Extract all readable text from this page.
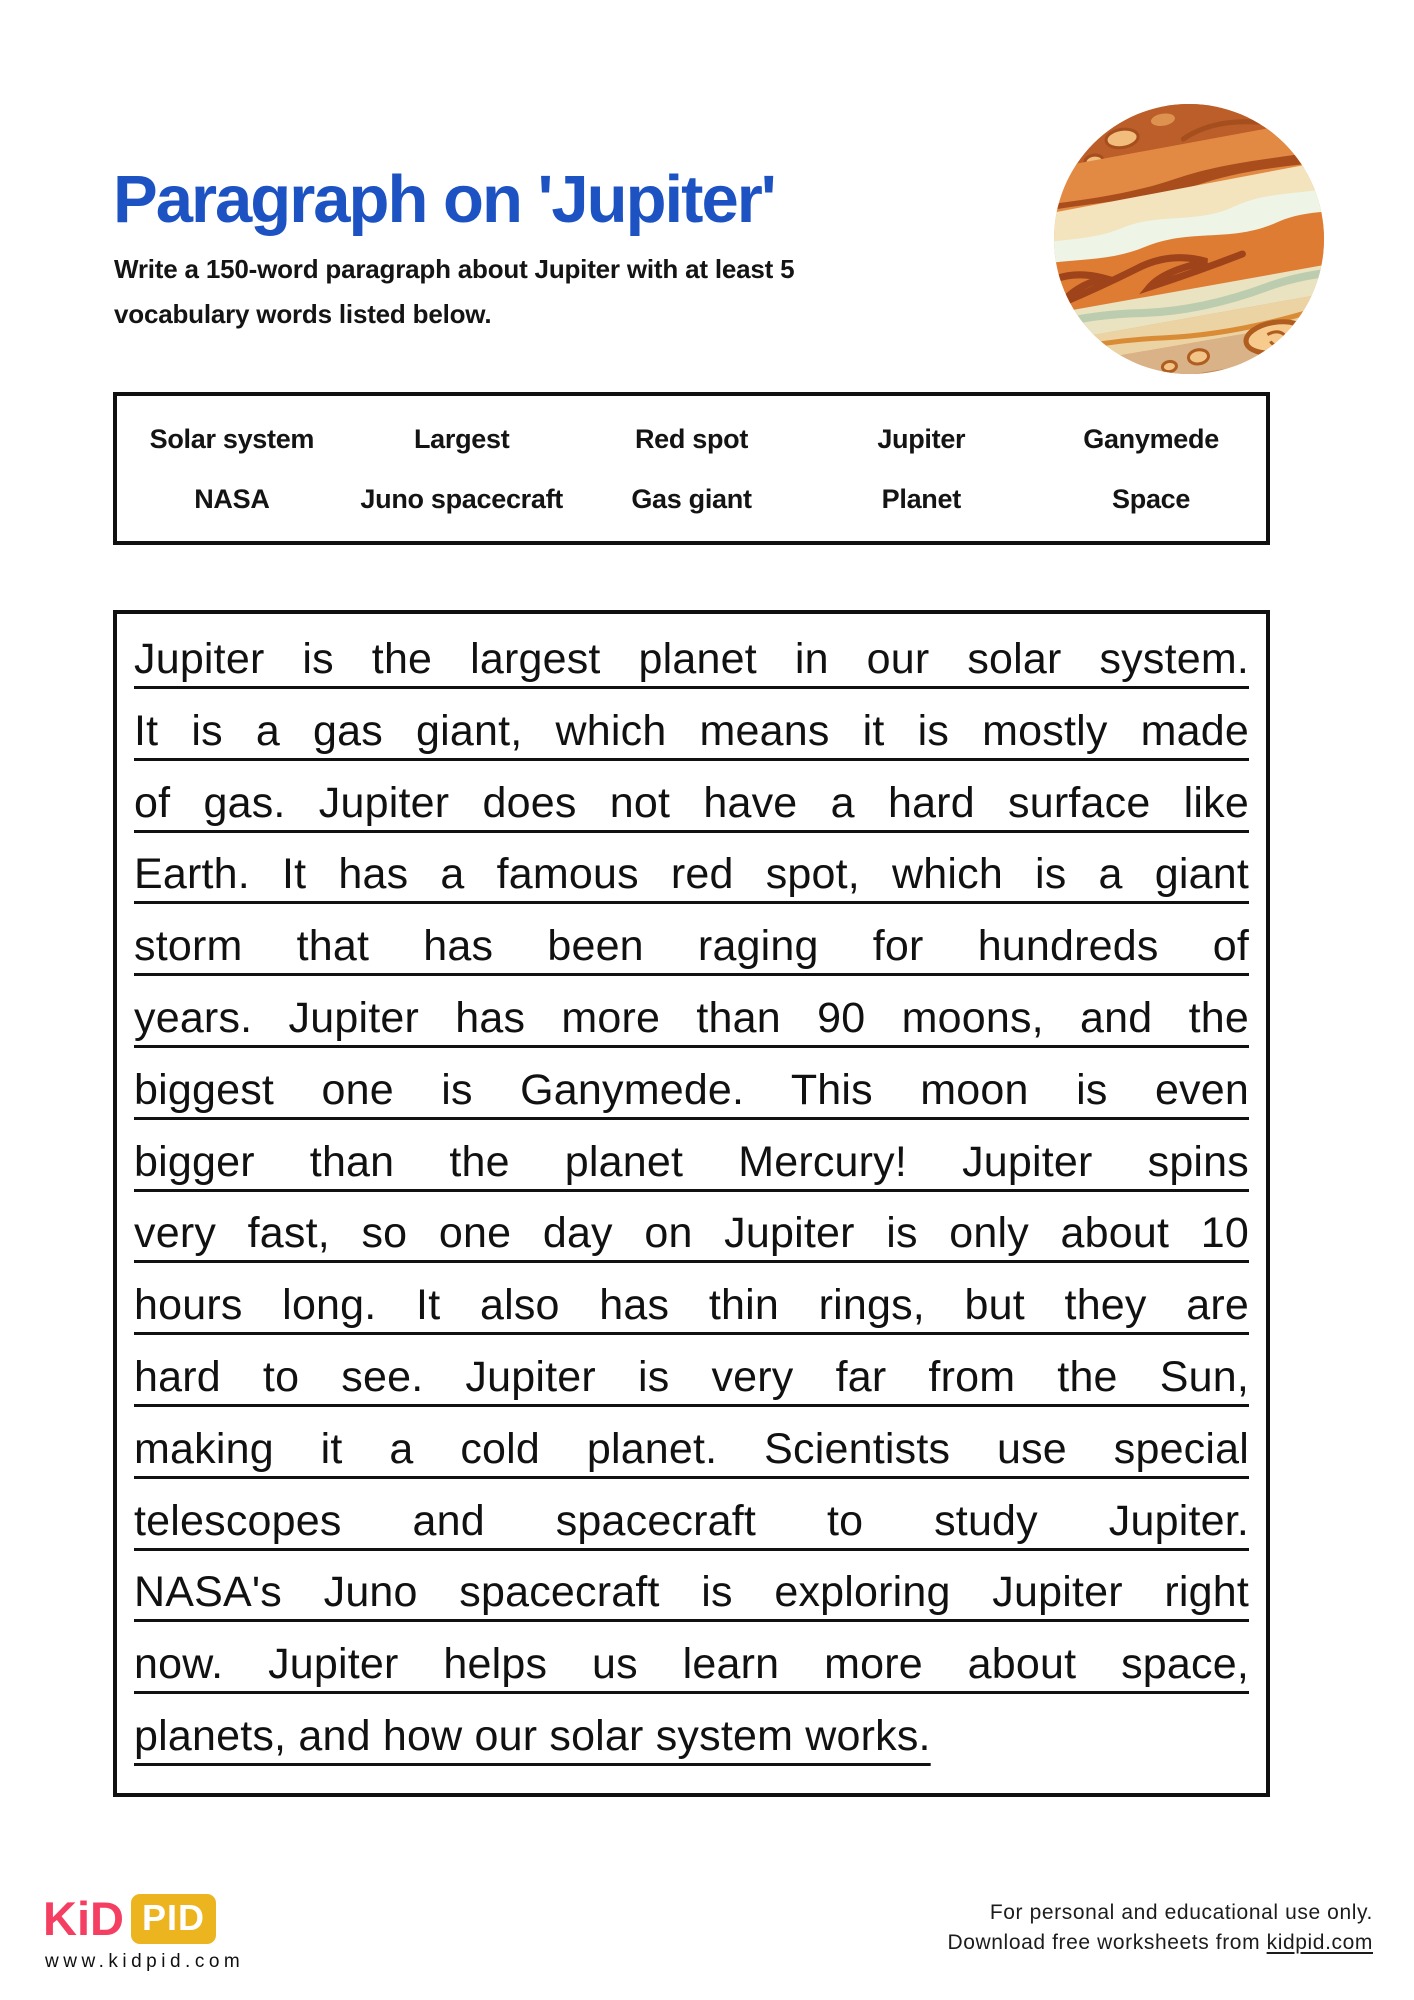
Paragraph on 'Jupiter'
Write a 150-word paragraph about Jupiter with at least 5
vocabulary words listed below.
Solar system	Largest	Red spot	Jupiter	Ganymede
NASA	Juno spacecraft	Gas giant	Planet	Space
Jupiter is the largest planet in our solar system.
It is a gas giant, which means it is mostly made
of gas. Jupiter does not have a hard surface like
Earth. It has a famous red spot, which is a giant
storm that has been raging for hundreds of
years. Jupiter has more than 90 moons, and the
biggest one is Ganymede. This moon is even
bigger than the planet Mercury! Jupiter spins
very fast, so one day on Jupiter is only about 10
hours long. It also has thin rings, but they are
hard to see. Jupiter is very far from the Sun,
making it a cold planet. Scientists use special
telescopes and spacecraft to study Jupiter.
NASA's Juno spacecraft is exploring Jupiter right
now. Jupiter helps us learn more about space,
planets, and how our solar system works.
KiD PID
www.kidpid.com
For personal and educational use only.
Download free worksheets from kidpid.com
